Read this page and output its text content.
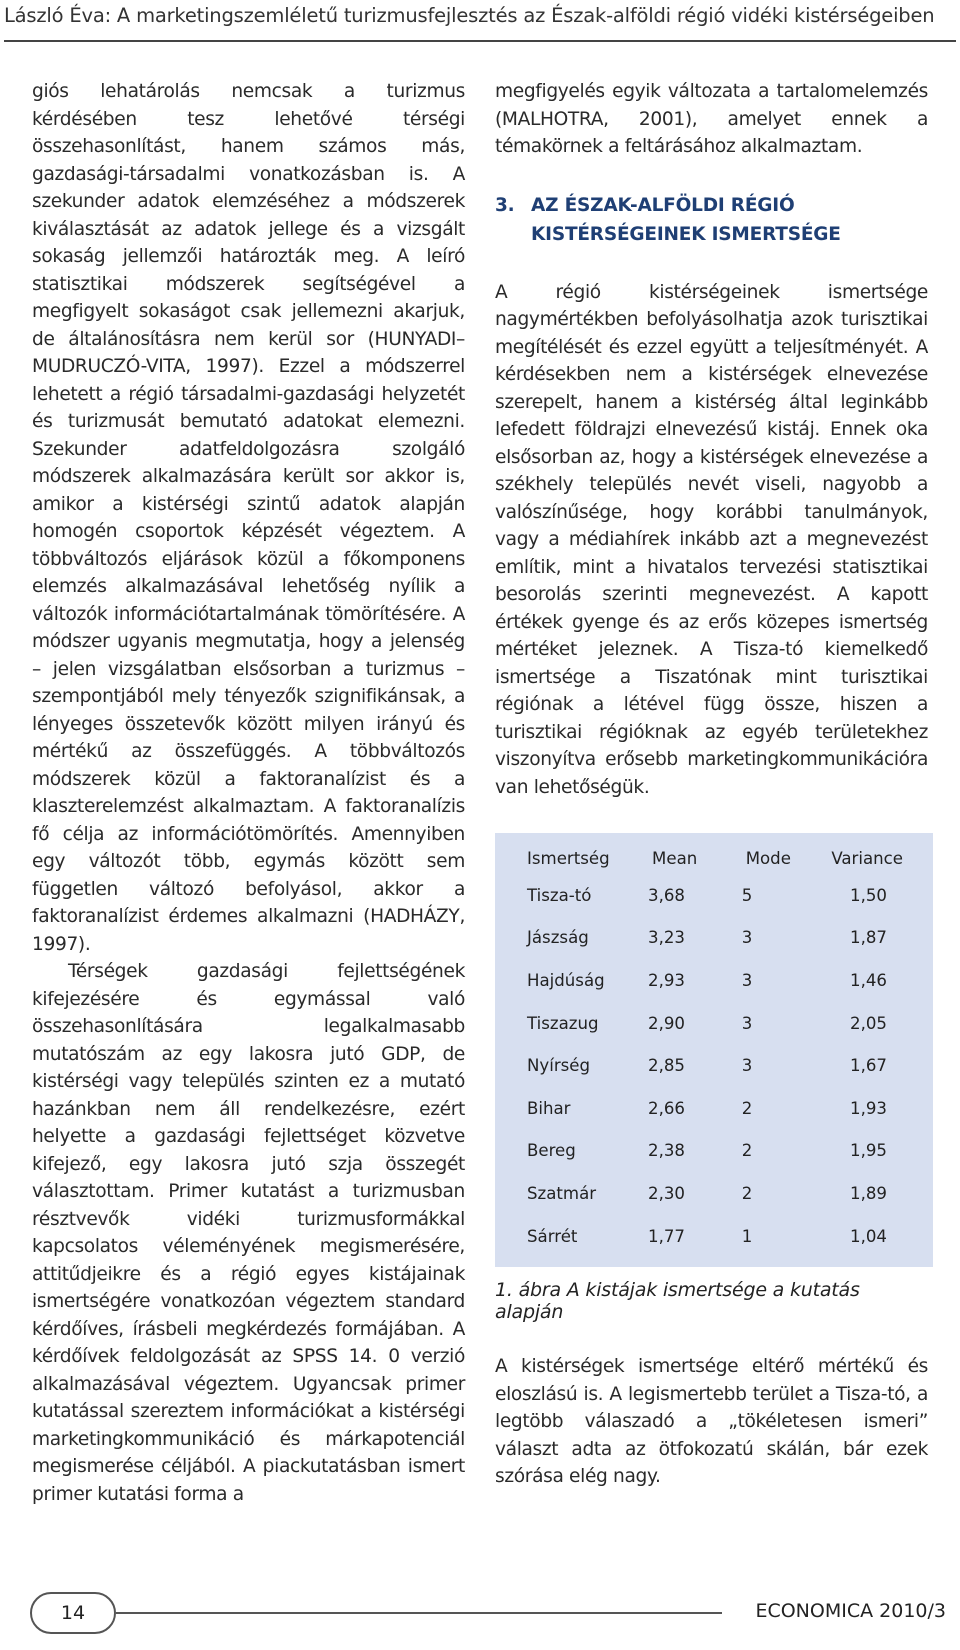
László Éva: A marketingszemléletű turizmusfejlesztés az Észak-alföldi régió vidéki kistérségeiben

giós lehatárolás nemcsak a turizmus kérdésében tesz lehetővé térségi összehasonlítást, hanem számos más, gazdasági-társadalmi vonatkozásban is. A szekunder adatok elemzéséhez a módszerek kiválasztását az adatok jellege és a vizsgált sokaság jellemzői határozták meg. A leíró statisztikai módszerek segítségével a megfigyelt sokaságot csak jellemezni akarjuk, de általánosításra nem kerül sor (HUNYADI–MUDRUCZÓ-VITA, 1997). Ezzel a módszerrel lehetett a régió társadalmi-gazdasági helyzetét és turizmusát bemutató adatokat elemezni. Szekunder adatfeldolgozásra szolgáló módszerek alkalmazására került sor akkor is, amikor a kistérségi szintű adatok alapján homogén csoportok képzését végeztem. A többváltozós eljárások közül a főkomponens elemzés alkalmazásával lehetőség nyílik a változók információtartalmának tömörítésére. A módszer ugyanis megmutatja, hogy a jelenség – jelen vizsgálatban elsősorban a turizmus – szempontjából mely tényezők szignifikánsak, a lényeges összetevők között milyen irányú és mértékű az összefüggés. A többváltozós módszerek közül a faktoranalízist és a klaszterelemzést alkalmaztam. A faktoranalízis fő célja az információtömörítés. Amennyiben egy változót több, egymás között sem független változó befolyásol, akkor a faktoranalízist érdemes alkalmazni (HADHÁZY, 1997).

Térségek gazdasági fejlettségének kifejezésére és egymással való összehasonlítására legalkalmasabb mutatószám az egy lakosra jutó GDP, de kistérségi vagy település szinten ez a mutató hazánkban nem áll rendelkezésre, ezért helyette a gazdasági fejlettséget közvetve kifejező, egy lakosra jutó szja összegét választottam. Primer kutatást a turizmusban résztvevők vidéki turizmusformákkal kapcsolatos véleményének megismerésére, attitűdjeikre és a régió egyes kistájainak ismertségére vonatkozóan végeztem standard kérdőíves, írásbeli megkérdezés formájában. A kérdőívek feldolgozását az SPSS 14. 0 verzió alkalmazásával végeztem. Ugyancsak primer kutatással szereztem információkat a kistérségi marketingkommunikáció és márkapotenciál megismerése céljából. A piackutatásban ismert primer kutatási forma a

megfigyelés egyik változata a tartalomelemzés (MALHOTRA, 2001), amelyet ennek a témakörnek a feltárásához alkalmaztam.

3. AZ ÉSZAK-ALFÖLDI RÉGIÓ KISTÉRSÉGEINEK ISMERTSÉGE

A régió kistérségeinek ismertsége nagymértékben befolyásolhatja azok turisztikai megítélését és ezzel együtt a teljesítményét. A kérdésekben nem a kistérségek elnevezése szerepelt, hanem a kistérség által leginkább lefedett földrajzi elnevezésű kistáj. Ennek oka elsősorban az, hogy a kistérségek elnevezése a székhely település nevét viseli, nagyobb a valószínűsége, hogy korábbi tanulmányok, vagy a médiahírek inkább azt a megnevezést említik, mint a hivatalos tervezési statisztikai besorolás szerinti megnevezést. A kapott értékek gyenge és az erős közepes ismertség mértéket jeleznek. A Tisza-tó kiemelkedő ismertsége a Tiszatónak mint turisztikai régiónak a létével függ össze, hiszen a turisztikai régióknak az egyéb területekhez viszonyítva erősebb marketingkommunikációra van lehetőségük.

Ismertség	Mean	Mode	Variance
Tisza-tó	3,68	5	1,50
Jászság	3,23	3	1,87
Hajdúság	2,93	3	1,46
Tiszazug	2,90	3	2,05
Nyírség	2,85	3	1,67
Bihar	2,66	2	1,93
Bereg	2,38	2	1,95
Szatmár	2,30	2	1,89
Sárrét	1,77	1	1,04
1. ábra A kistájak ismertsége a kutatás alapján

A kistérségek ismertsége eltérő mértékű és eloszlású is. A legismertebb terület a Tisza-tó, a legtöbb válaszadó a „tökéletesen ismeri” választ adta az ötfokozatú skálán, bár ezek szórása elég nagy.

14	ECONOMICA 2010/3
